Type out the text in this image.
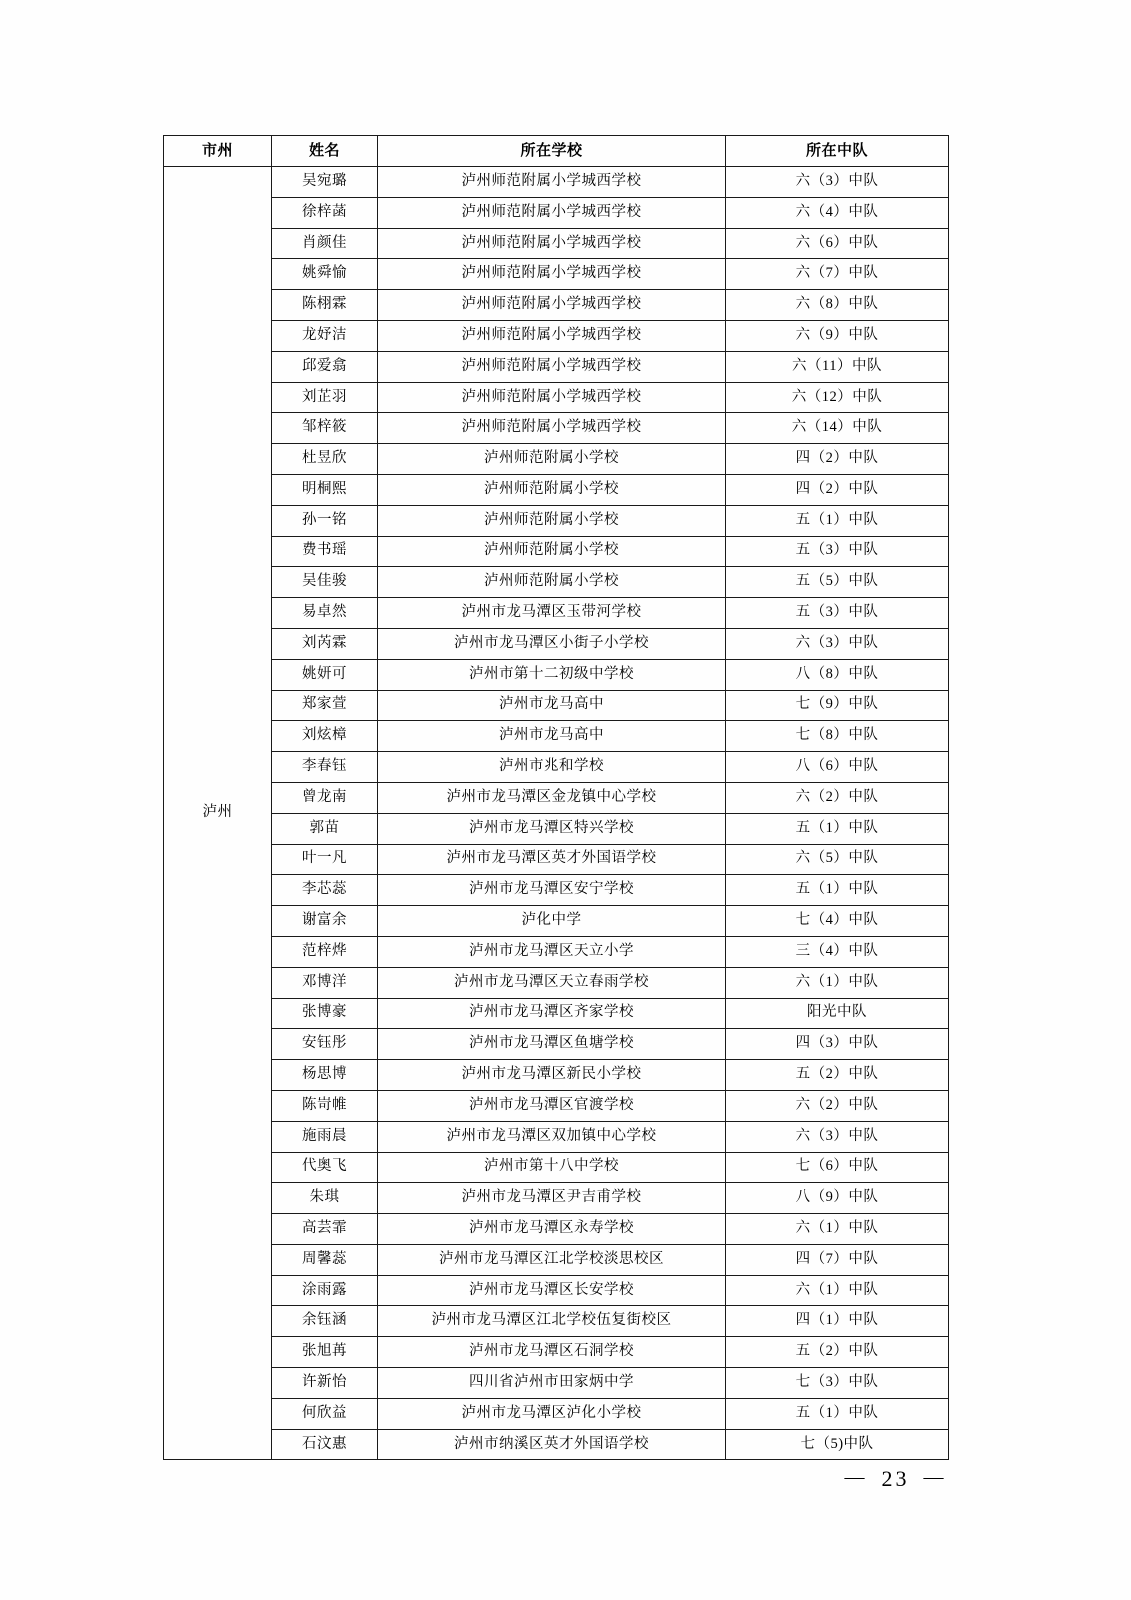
市州	姓名	所在学校	所在中队
泸州	吴宛璐	泸州师范附属小学城西学校	六（3）中队
	徐梓菡	泸州师范附属小学城西学校	六（4）中队
	肖颜佳	泸州师范附属小学城西学校	六（6）中队
	姚舜愉	泸州师范附属小学城西学校	六（7）中队
	陈栩霖	泸州师范附属小学城西学校	六（8）中队
	龙妤洁	泸州师范附属小学城西学校	六（9）中队
	邱爱翕	泸州师范附属小学城西学校	六（11）中队
	刘芷羽	泸州师范附属小学城西学校	六（12）中队
	邹梓筱	泸州师范附属小学城西学校	六（14）中队
	杜昱欣	泸州师范附属小学校	四（2）中队
	明桐熙	泸州师范附属小学校	四（2）中队
	孙一铭	泸州师范附属小学校	五（1）中队
	费书瑶	泸州师范附属小学校	五（3）中队
	吴佳骏	泸州师范附属小学校	五（5）中队
	易卓然	泸州市龙马潭区玉带河学校	五（3）中队
	刘芮霖	泸州市龙马潭区小街子小学校	六（3）中队
	姚妍可	泸州市第十二初级中学校	八（8）中队
	郑家萱	泸州市龙马高中	七（9）中队
	刘炫樟	泸州市龙马高中	七（8）中队
	李春钰	泸州市兆和学校	八（6）中队
	曾龙南	泸州市龙马潭区金龙镇中心学校	六（2）中队
	郭苗	泸州市龙马潭区特兴学校	五（1）中队
	叶一凡	泸州市龙马潭区英才外国语学校	六（5）中队
	李芯蕊	泸州市龙马潭区安宁学校	五（1）中队
	谢富余	泸化中学	七（4）中队
	范梓烨	泸州市龙马潭区天立小学	三（4）中队
	邓博洋	泸州市龙马潭区天立春雨学校	六（1）中队
	张博豪	泸州市龙马潭区齐家学校	阳光中队
	安钰彤	泸州市龙马潭区鱼塘学校	四（3）中队
	杨思博	泸州市龙马潭区新民小学校	五（2）中队
	陈岢帷	泸州市龙马潭区官渡学校	六（2）中队
	施雨晨	泸州市龙马潭区双加镇中心学校	六（3）中队
	代奥飞	泸州市第十八中学校	七（6）中队
	朱琪	泸州市龙马潭区尹吉甫学校	八（9）中队
	高芸霏	泸州市龙马潭区永寿学校	六（1）中队
	周馨蕊	泸州市龙马潭区江北学校淡思校区	四（7）中队
	涂雨露	泸州市龙马潭区长安学校	六（1）中队
	余钰涵	泸州市龙马潭区江北学校伍复街校区	四（1）中队
	张旭苒	泸州市龙马潭区石洞学校	五（2）中队
	许新怡	四川省泸州市田家炳中学	七（3）中队
	何欣益	泸州市龙马潭区泸化小学校	五（1）中队
	石汶惠	泸州市纳溪区英才外国语学校	七（5)中队
— 23 —
